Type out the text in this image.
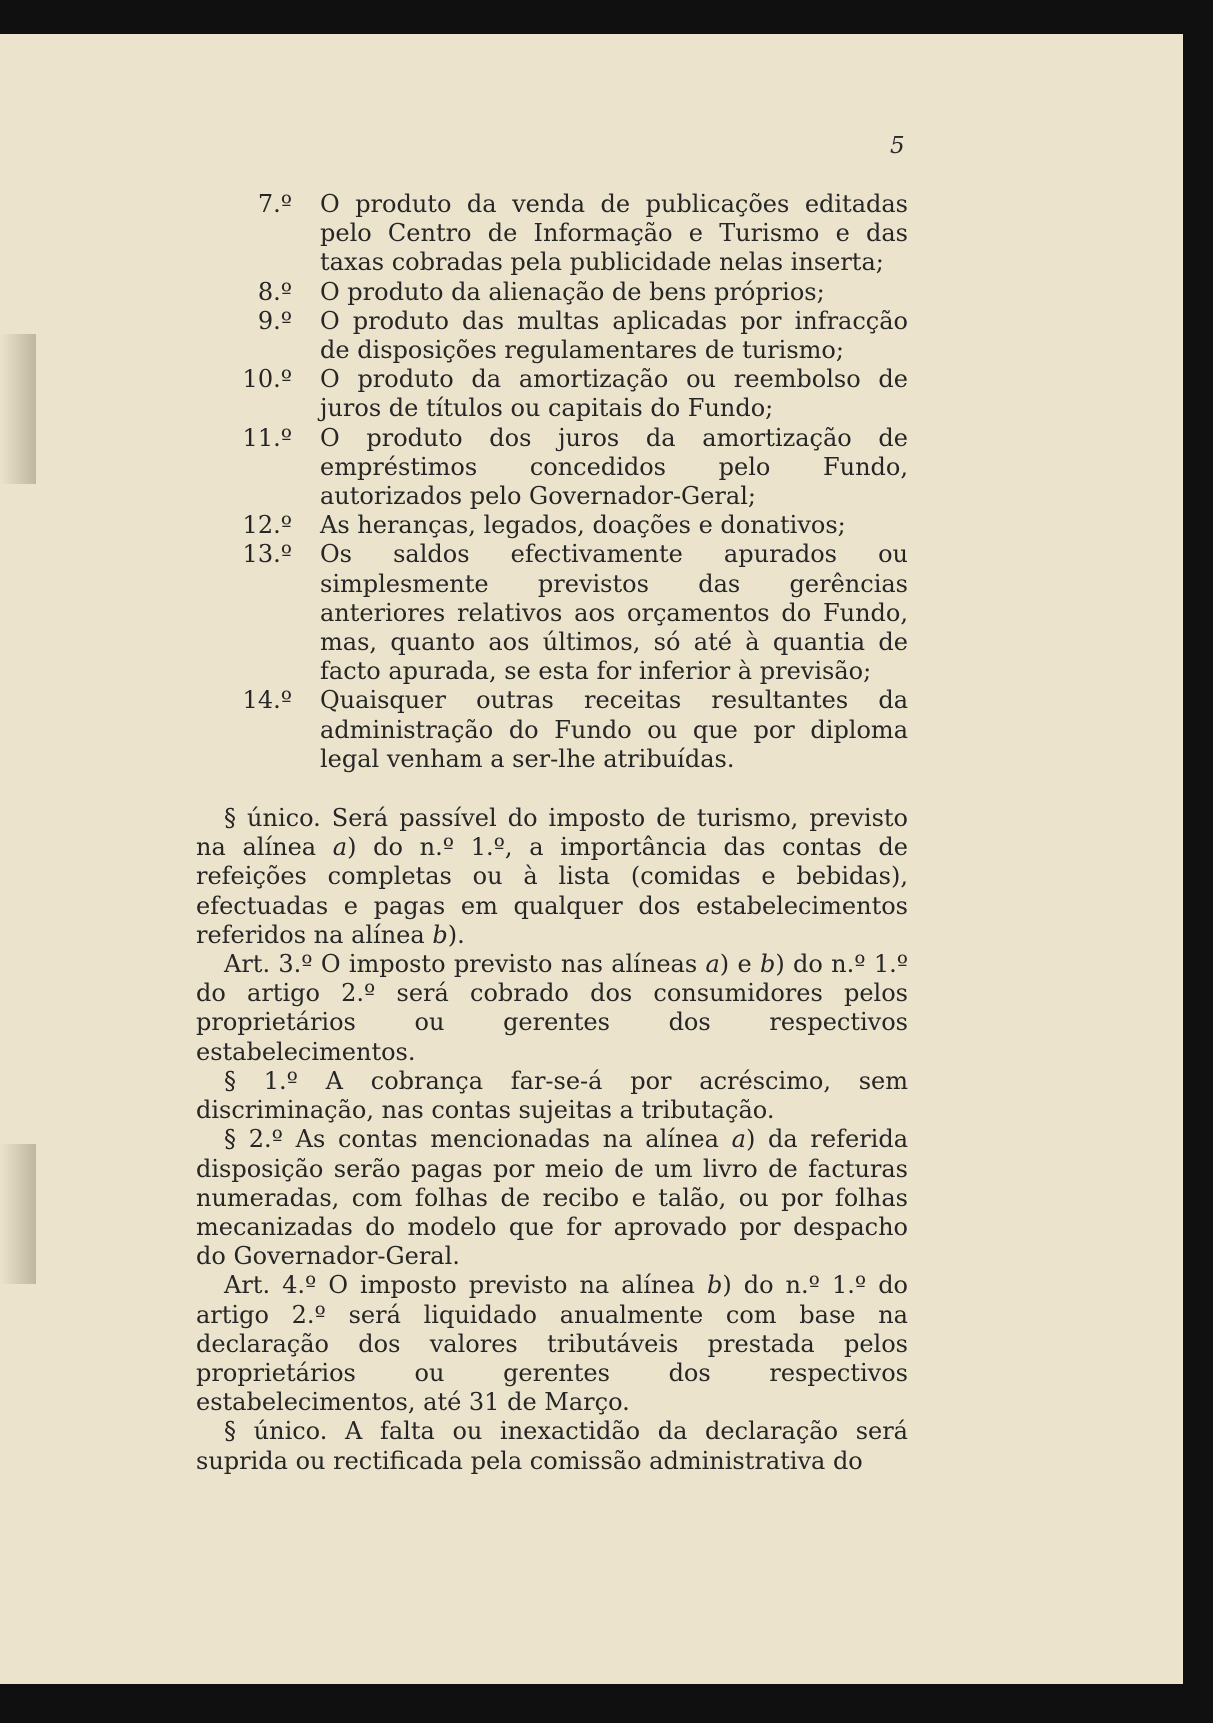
5
7.º O produto da venda de publicações editadas pelo Centro de Informação e Turismo e das taxas cobradas pela publicidade nelas inserta;
8.º O produto da alienação de bens próprios;
9.º O produto das multas aplicadas por infracção de disposições regulamentares de turismo;
10.º O produto da amortização ou reembolso de juros de títulos ou capitais do Fundo;
11.º O produto dos juros da amortização de empréstimos concedidos pelo Fundo, autorizados pelo Governador-Geral;
12.º As heranças, legados, doações e donativos;
13.º Os saldos efectivamente apurados ou simplesmente previstos das gerências anteriores relativos aos orçamentos do Fundo, mas, quanto aos últimos, só até à quantia de facto apurada, se esta for inferior à previsão;
14.º Quaisquer outras receitas resultantes da administração do Fundo ou que por diploma legal venham a ser-lhe atribuídas.

§ único. Será passível do imposto de turismo, previsto na alínea a) do n.º 1.º, a importância das contas de refeições completas ou à lista (comidas e bebidas), efectuadas e pagas em qualquer dos estabelecimentos referidos na alínea b).

Art. 3.º O imposto previsto nas alíneas a) e b) do n.º 1.º do artigo 2.º será cobrado dos consumidores pelos proprietários ou gerentes dos respectivos estabelecimentos.

§ 1.º A cobrança far-se-á por acréscimo, sem discriminação, nas contas sujeitas a tributação.

§ 2.º As contas mencionadas na alínea a) da referida disposição serão pagas por meio de um livro de facturas numeradas, com folhas de recibo e talão, ou por folhas mecanizadas do modelo que for aprovado por despacho do Governador-Geral.

Art. 4.º O imposto previsto na alínea b) do n.º 1.º do artigo 2.º será liquidado anualmente com base na declaração dos valores tributáveis prestada pelos proprietários ou gerentes dos respectivos estabelecimentos, até 31 de Março.

§ único. A falta ou inexactidão da declaração será suprida ou rectificada pela comissão administrativa do
